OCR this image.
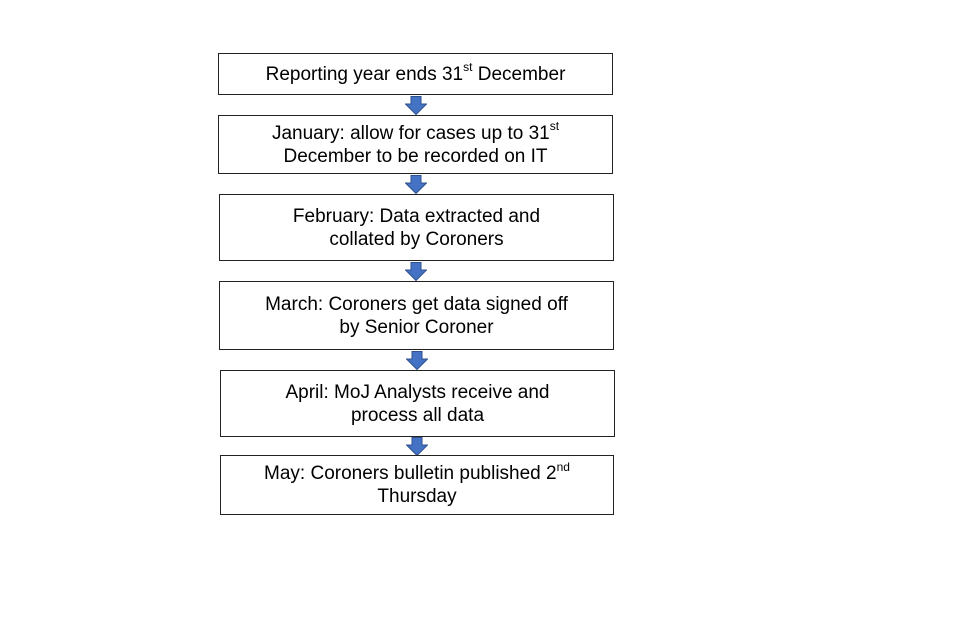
Reporting year ends 31st December
January: allow for cases up to 31st
December to be recorded on IT
February: Data extracted and
collated by Coroners
March: Coroners get data signed off
by Senior Coroner
April: MoJ Analysts receive and
process all data
May: Coroners bulletin published 2nd
Thursday
